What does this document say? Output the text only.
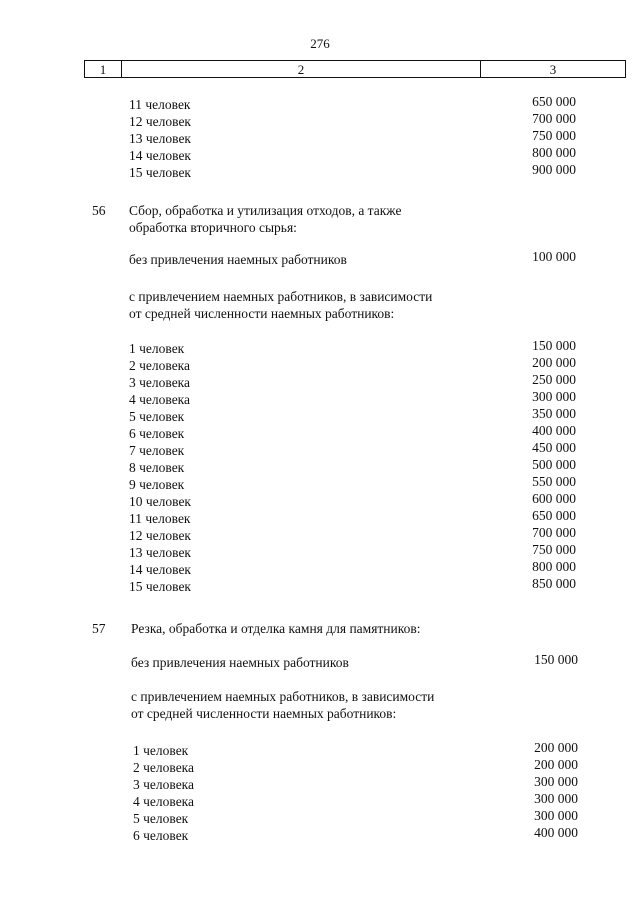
276
1	2	3
11 человек	650 000
12 человек	700 000
13 человек	750 000
14 человек	800 000
15 человек	900 000
56 Сбор, обработка и утилизация отходов, а также
обработка вторичного сырья:
без привлечения наемных работников	100 000
с привлечением наемных работников, в зависимости
от средней численности наемных работников:
1 человек	150 000
2 человека	200 000
3 человека	250 000
4 человека	300 000
5 человек	350 000
6 человек	400 000
7 человек	450 000
8 человек	500 000
9 человек	550 000
10 человек	600 000
11 человек	650 000
12 человек	700 000
13 человек	750 000
14 человек	800 000
15 человек	850 000
57 Резка, обработка и отделка камня для памятников:
без привлечения наемных работников	150 000
с привлечением наемных работников, в зависимости
от средней численности наемных работников:
1 человек	200 000
2 человека	200 000
3 человека	300 000
4 человека	300 000
5 человек	300 000
6 человек	400 000
